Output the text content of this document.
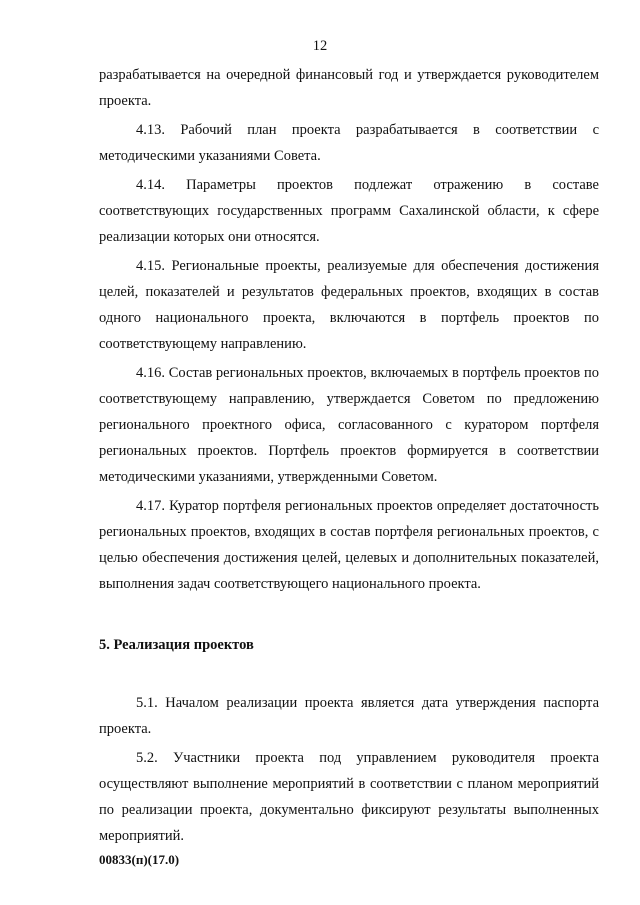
12

разрабатывается на очередной финансовый год и утверждается руководителем проекта.

4.13. Рабочий план проекта разрабатывается в соответствии с методическими указаниями Совета.

4.14. Параметры проектов подлежат отражению в составе соответствующих государственных программ Сахалинской области, к сфере реализации которых они относятся.

4.15. Региональные проекты, реализуемые для обеспечения достижения целей, показателей и результатов федеральных проектов, входящих в состав одного национального проекта, включаются в портфель проектов по соответствующему направлению.

4.16. Состав региональных проектов, включаемых в портфель проектов по соответствующему направлению, утверждается Советом по предложению регионального проектного офиса, согласованного с куратором портфеля региональных проектов. Портфель проектов формируется в соответствии методическими указаниями, утвержденными Советом.

4.17. Куратор портфеля региональных проектов определяет достаточность региональных проектов, входящих в состав портфеля региональных проектов, с целью обеспечения достижения целей, целевых и дополнительных показателей, выполнения задач соответствующего национального проекта.

5. Реализация проектов

5.1. Началом реализации проекта является дата утверждения паспорта проекта.

5.2. Участники проекта под управлением руководителя проекта осуществляют выполнение мероприятий в соответствии с планом мероприятий по реализации проекта, документально фиксируют результаты выполненных мероприятий.

00833(п)(17.0)
